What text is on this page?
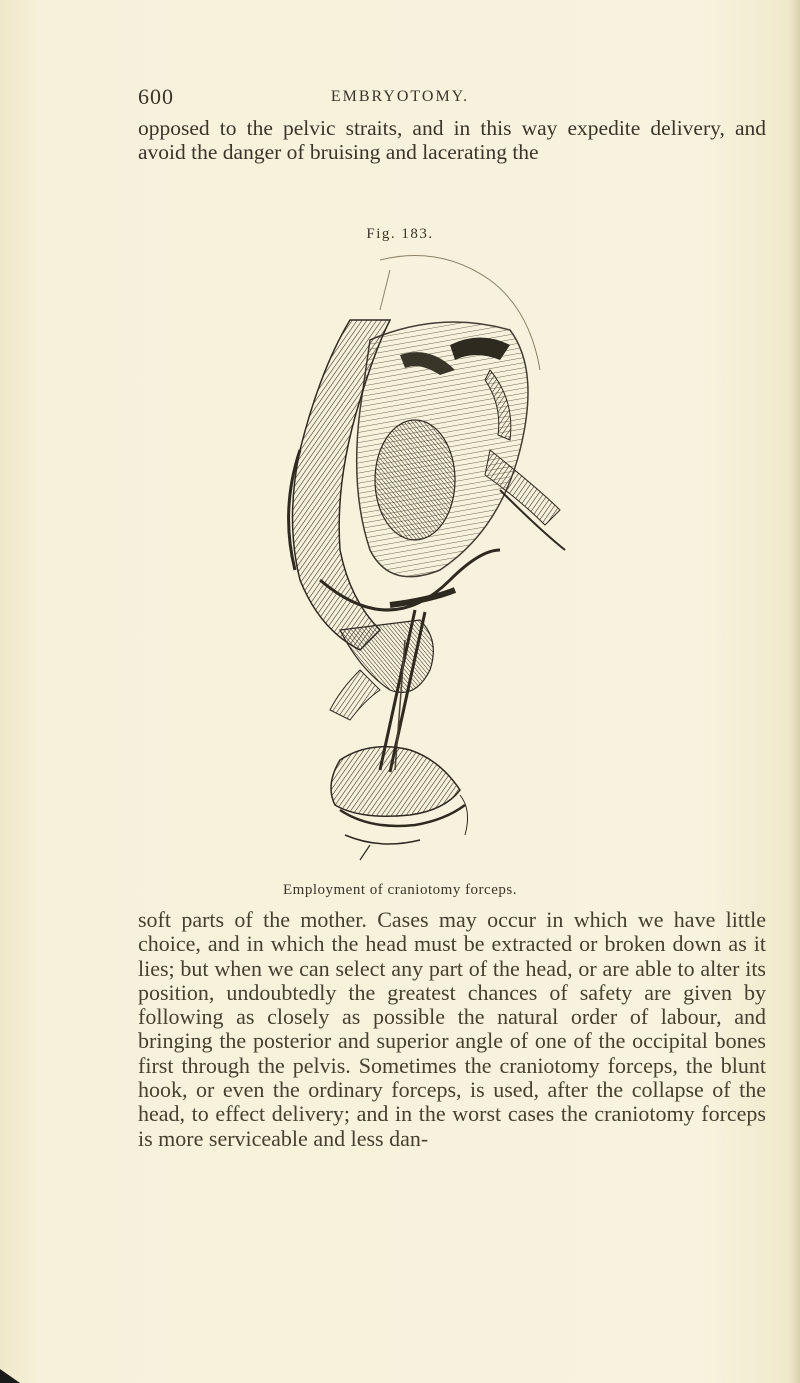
600	EMBRYOTOMY.

opposed to the pelvic straits, and in this way expedite delivery, and avoid the danger of bruising and lacerating the

Fig. 183.
Employment of craniotomy forceps.

soft parts of the mother. Cases may occur in which we have little choice, and in which the head must be extracted or broken down as it lies; but when we can select any part of the head, or are able to alter its position, undoubtedly the greatest chances of safety are given by following as closely as possible the natural order of labour, and bringing the posterior and superior angle of one of the occipital bones first through the pelvis. Sometimes the craniotomy forceps, the blunt hook, or even the ordinary forceps, is used, after the collapse of the head, to effect delivery; and in the worst cases the craniotomy forceps is more serviceable and less dan-
